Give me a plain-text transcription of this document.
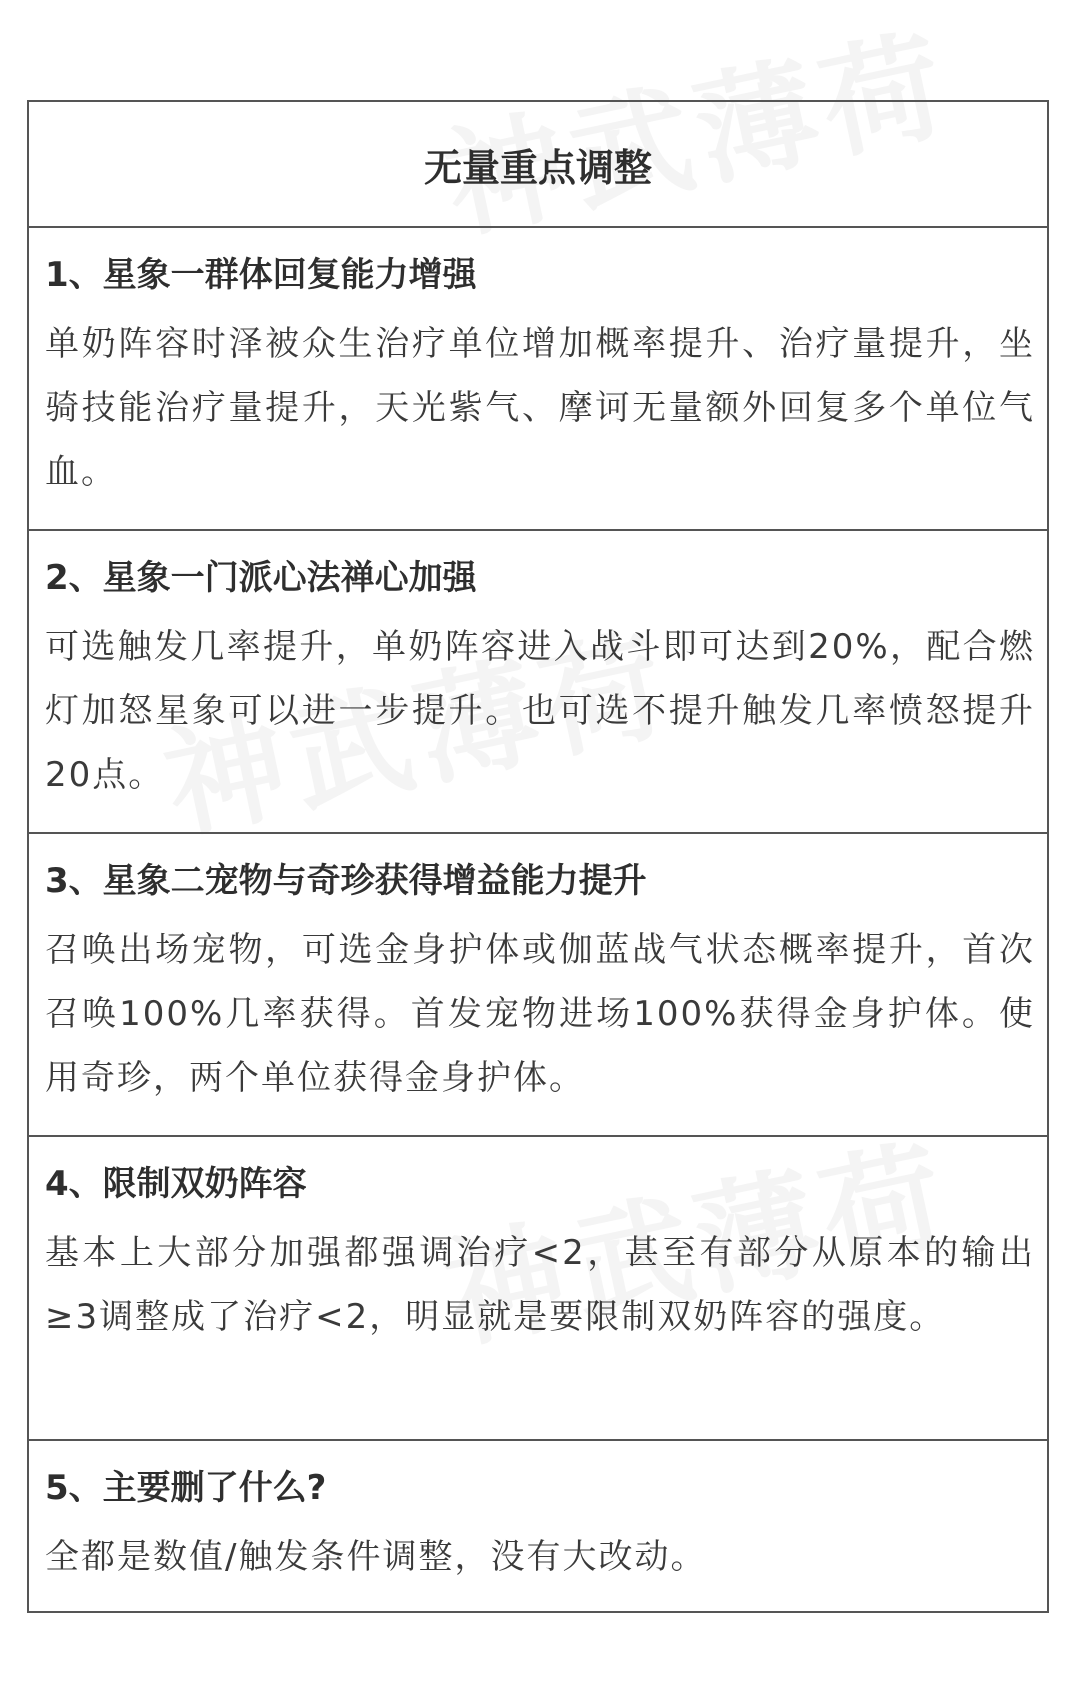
无量重点调整
1、星象一群体回复能力增强
单奶阵容时泽被众生治疗单位增加概率提升、治疗量提升，坐骑技能治疗量提升，天光紫气、摩诃无量额外回复多个单位气血。
2、星象一门派心法禅心加强
可选触发几率提升，单奶阵容进入战斗即可达到20%，配合燃灯加怒星象可以进一步提升。也可选不提升触发几率愤怒提升20点。
3、星象二宠物与奇珍获得增益能力提升
召唤出场宠物，可选金身护体或伽蓝战气状态概率提升，首次召唤100%几率获得。首发宠物进场100%获得金身护体。使用奇珍，两个单位获得金身护体。
4、限制双奶阵容
基本上大部分加强都强调治疗<2，甚至有部分从原本的输出≥3调整成了治疗<2，明显就是要限制双奶阵容的强度。
5、主要删了什么?
全都是数值/触发条件调整，没有大改动。
